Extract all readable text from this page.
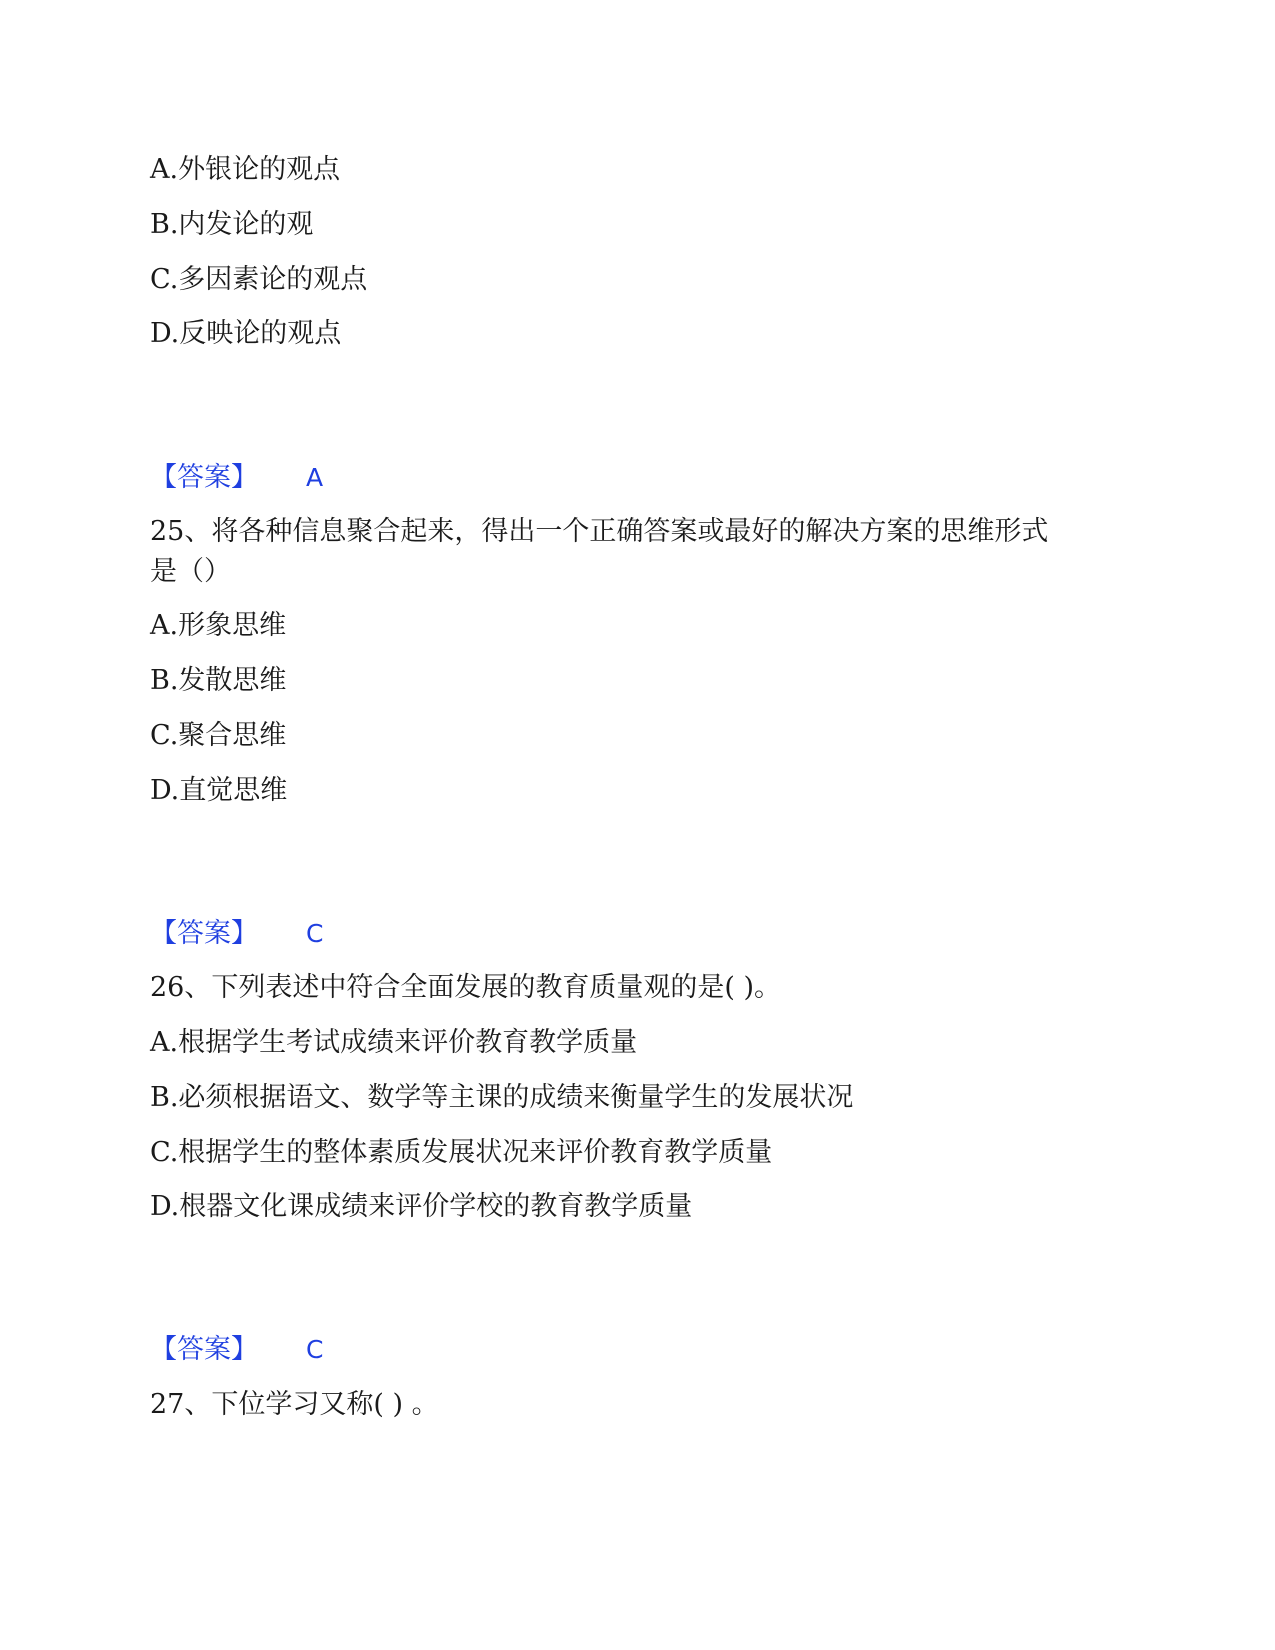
A.外银论的观点
B.内发论的观
C.多因素论的观点
D.反映论的观点
【答案】 A
25、将各种信息聚合起来，得出一个正确答案或最好的解决方案的思维形式
是（）
A.形象思维
B.发散思维
C.聚合思维
D.直觉思维
【答案】 C
26、下列表述中符合全面发展的教育质量观的是( )。
A.根据学生考试成绩来评价教育教学质量
B.必须根据语文、数学等主课的成绩来衡量学生的发展状况
C.根据学生的整体素质发展状况来评价教育教学质量
D.根器文化课成绩来评价学校的教育教学质量
【答案】 C
27、下位学习又称( ) 。
